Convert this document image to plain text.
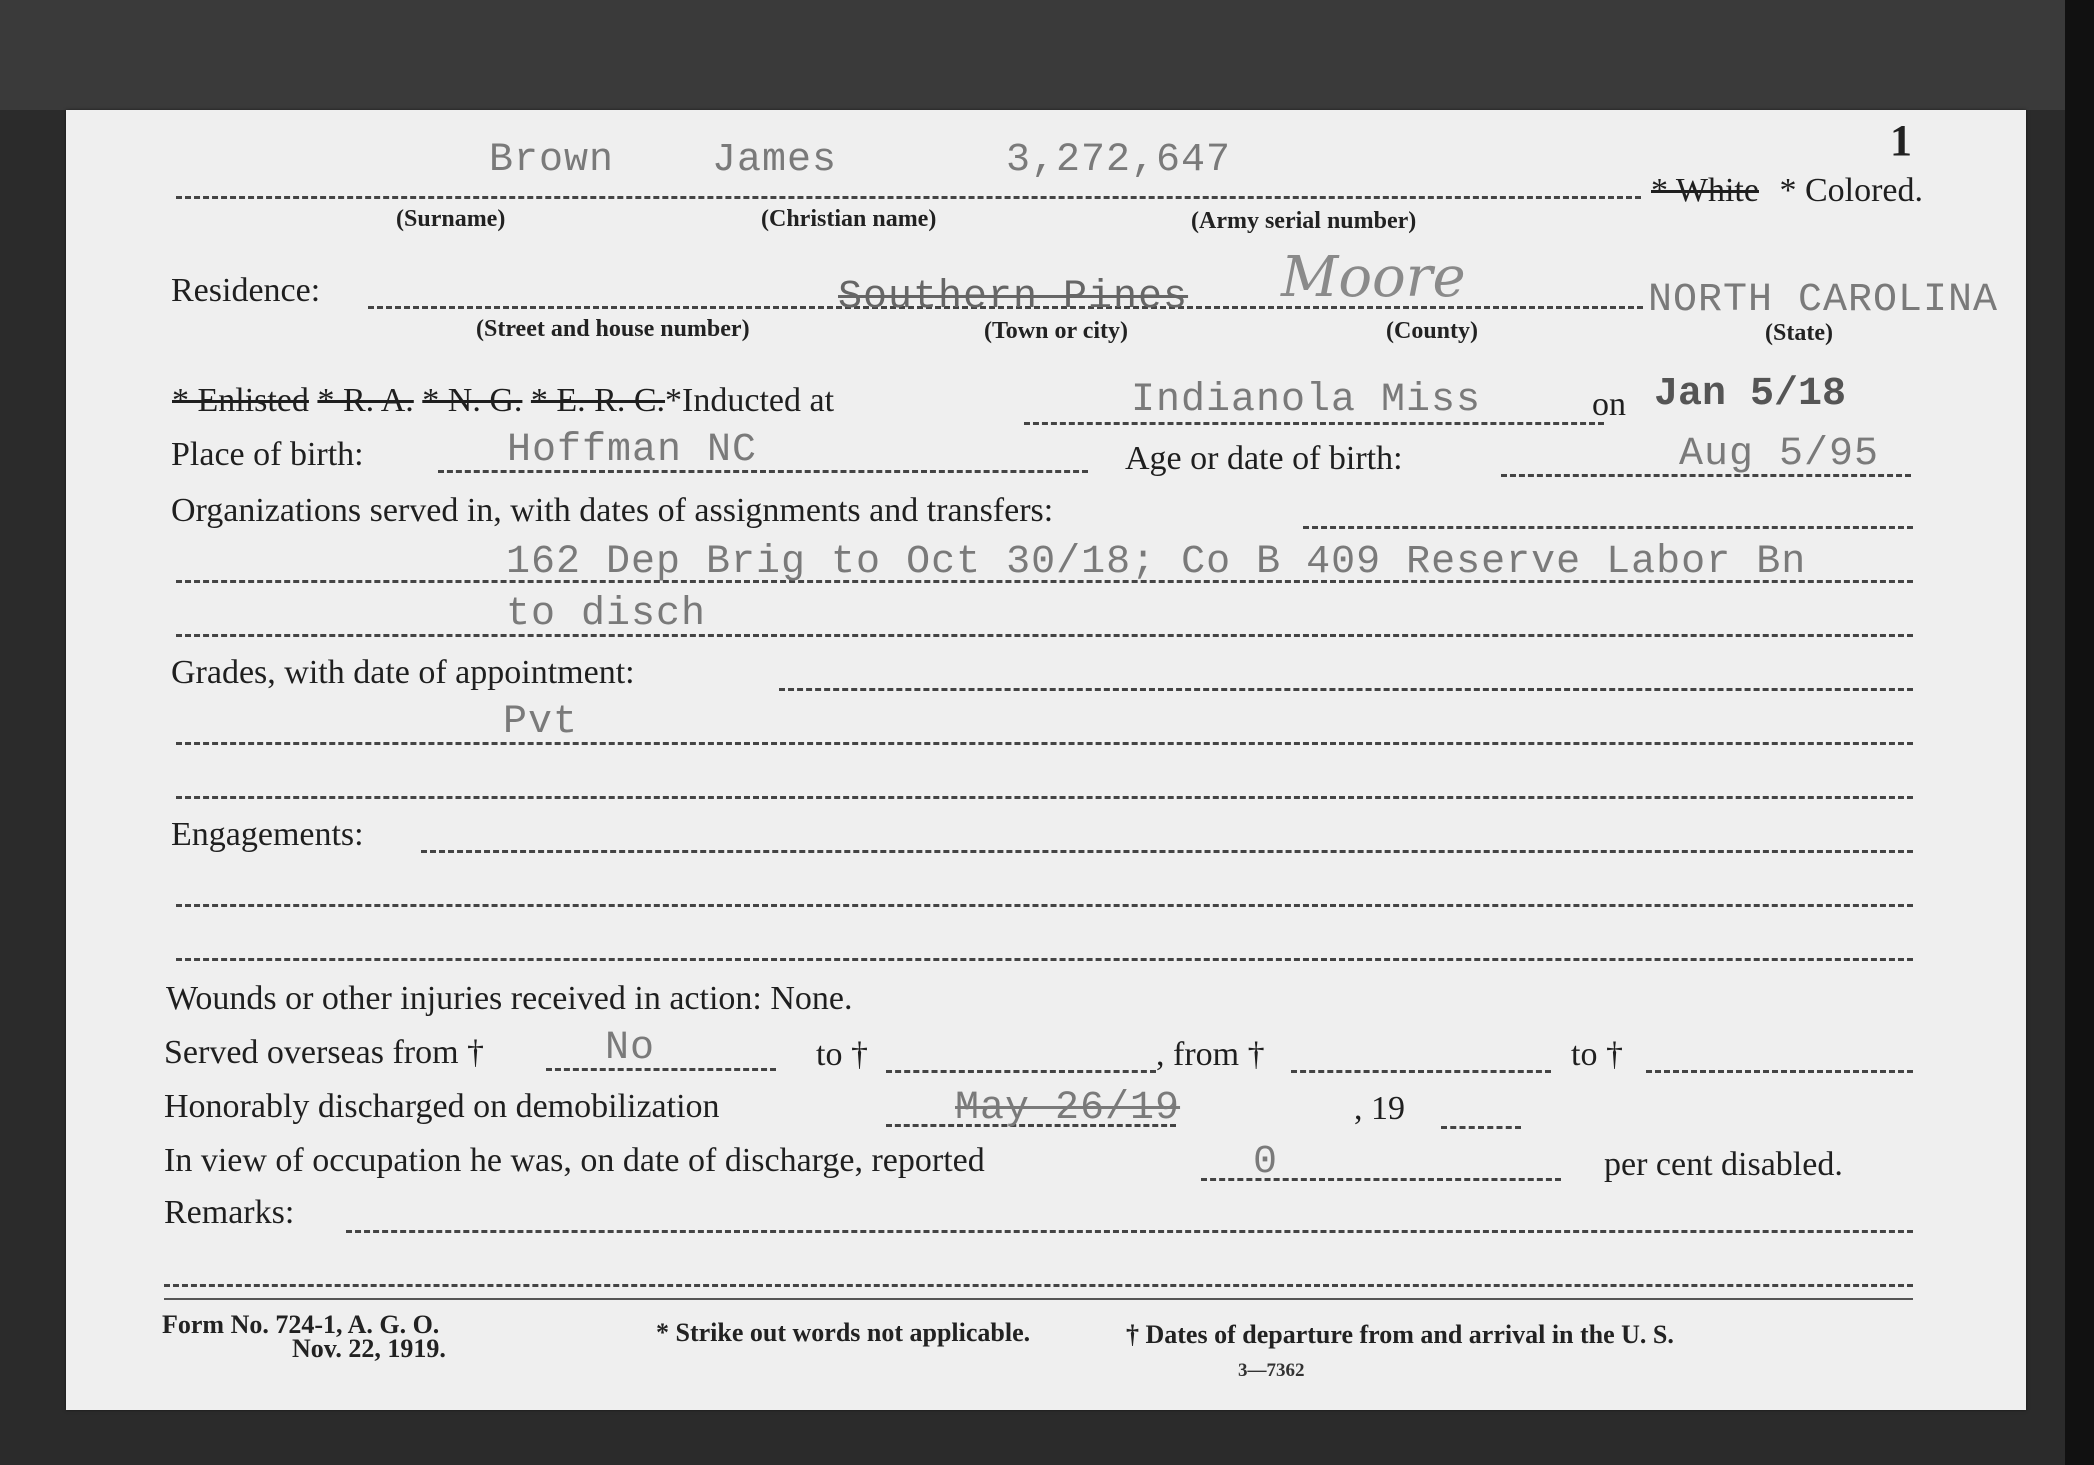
1
Brown James	3,272,647
* White * Colored.
(Surname)	(Christian name)	(Army serial number)
Residence:	Southern Pines Moore	NORTH CAROLINA
(Street and house number)	(Town or city)	(County)	(State)
* Enlisted * R. A. * N. G. * E. R. C.*Inducted at	Indianola Miss	on Jan 5/18
Place of birth:	Hoffman NC	Age or date of birth:	Aug 5/95
Organizations served in, with dates of assignments and transfers:
162 Dep Brig to Oct 30/18; Co B 409 Reserve Labor Bn
to disch
Grades, with date of appointment:
Pvt
Engagements:
Wounds or other injuries received in action: None.
Served overseas from †	No	to †	, from †	to †
Honorably discharged on demobilization	May 26/19	, 19
In view of occupation he was, on date of discharge, reported	0	per cent disabled.
Remarks:
Form No. 724-1, A. G. O.
Nov. 22, 1919.
* Strike out words not applicable.	† Dates of departure from and arrival in the U. S.
3—7362
